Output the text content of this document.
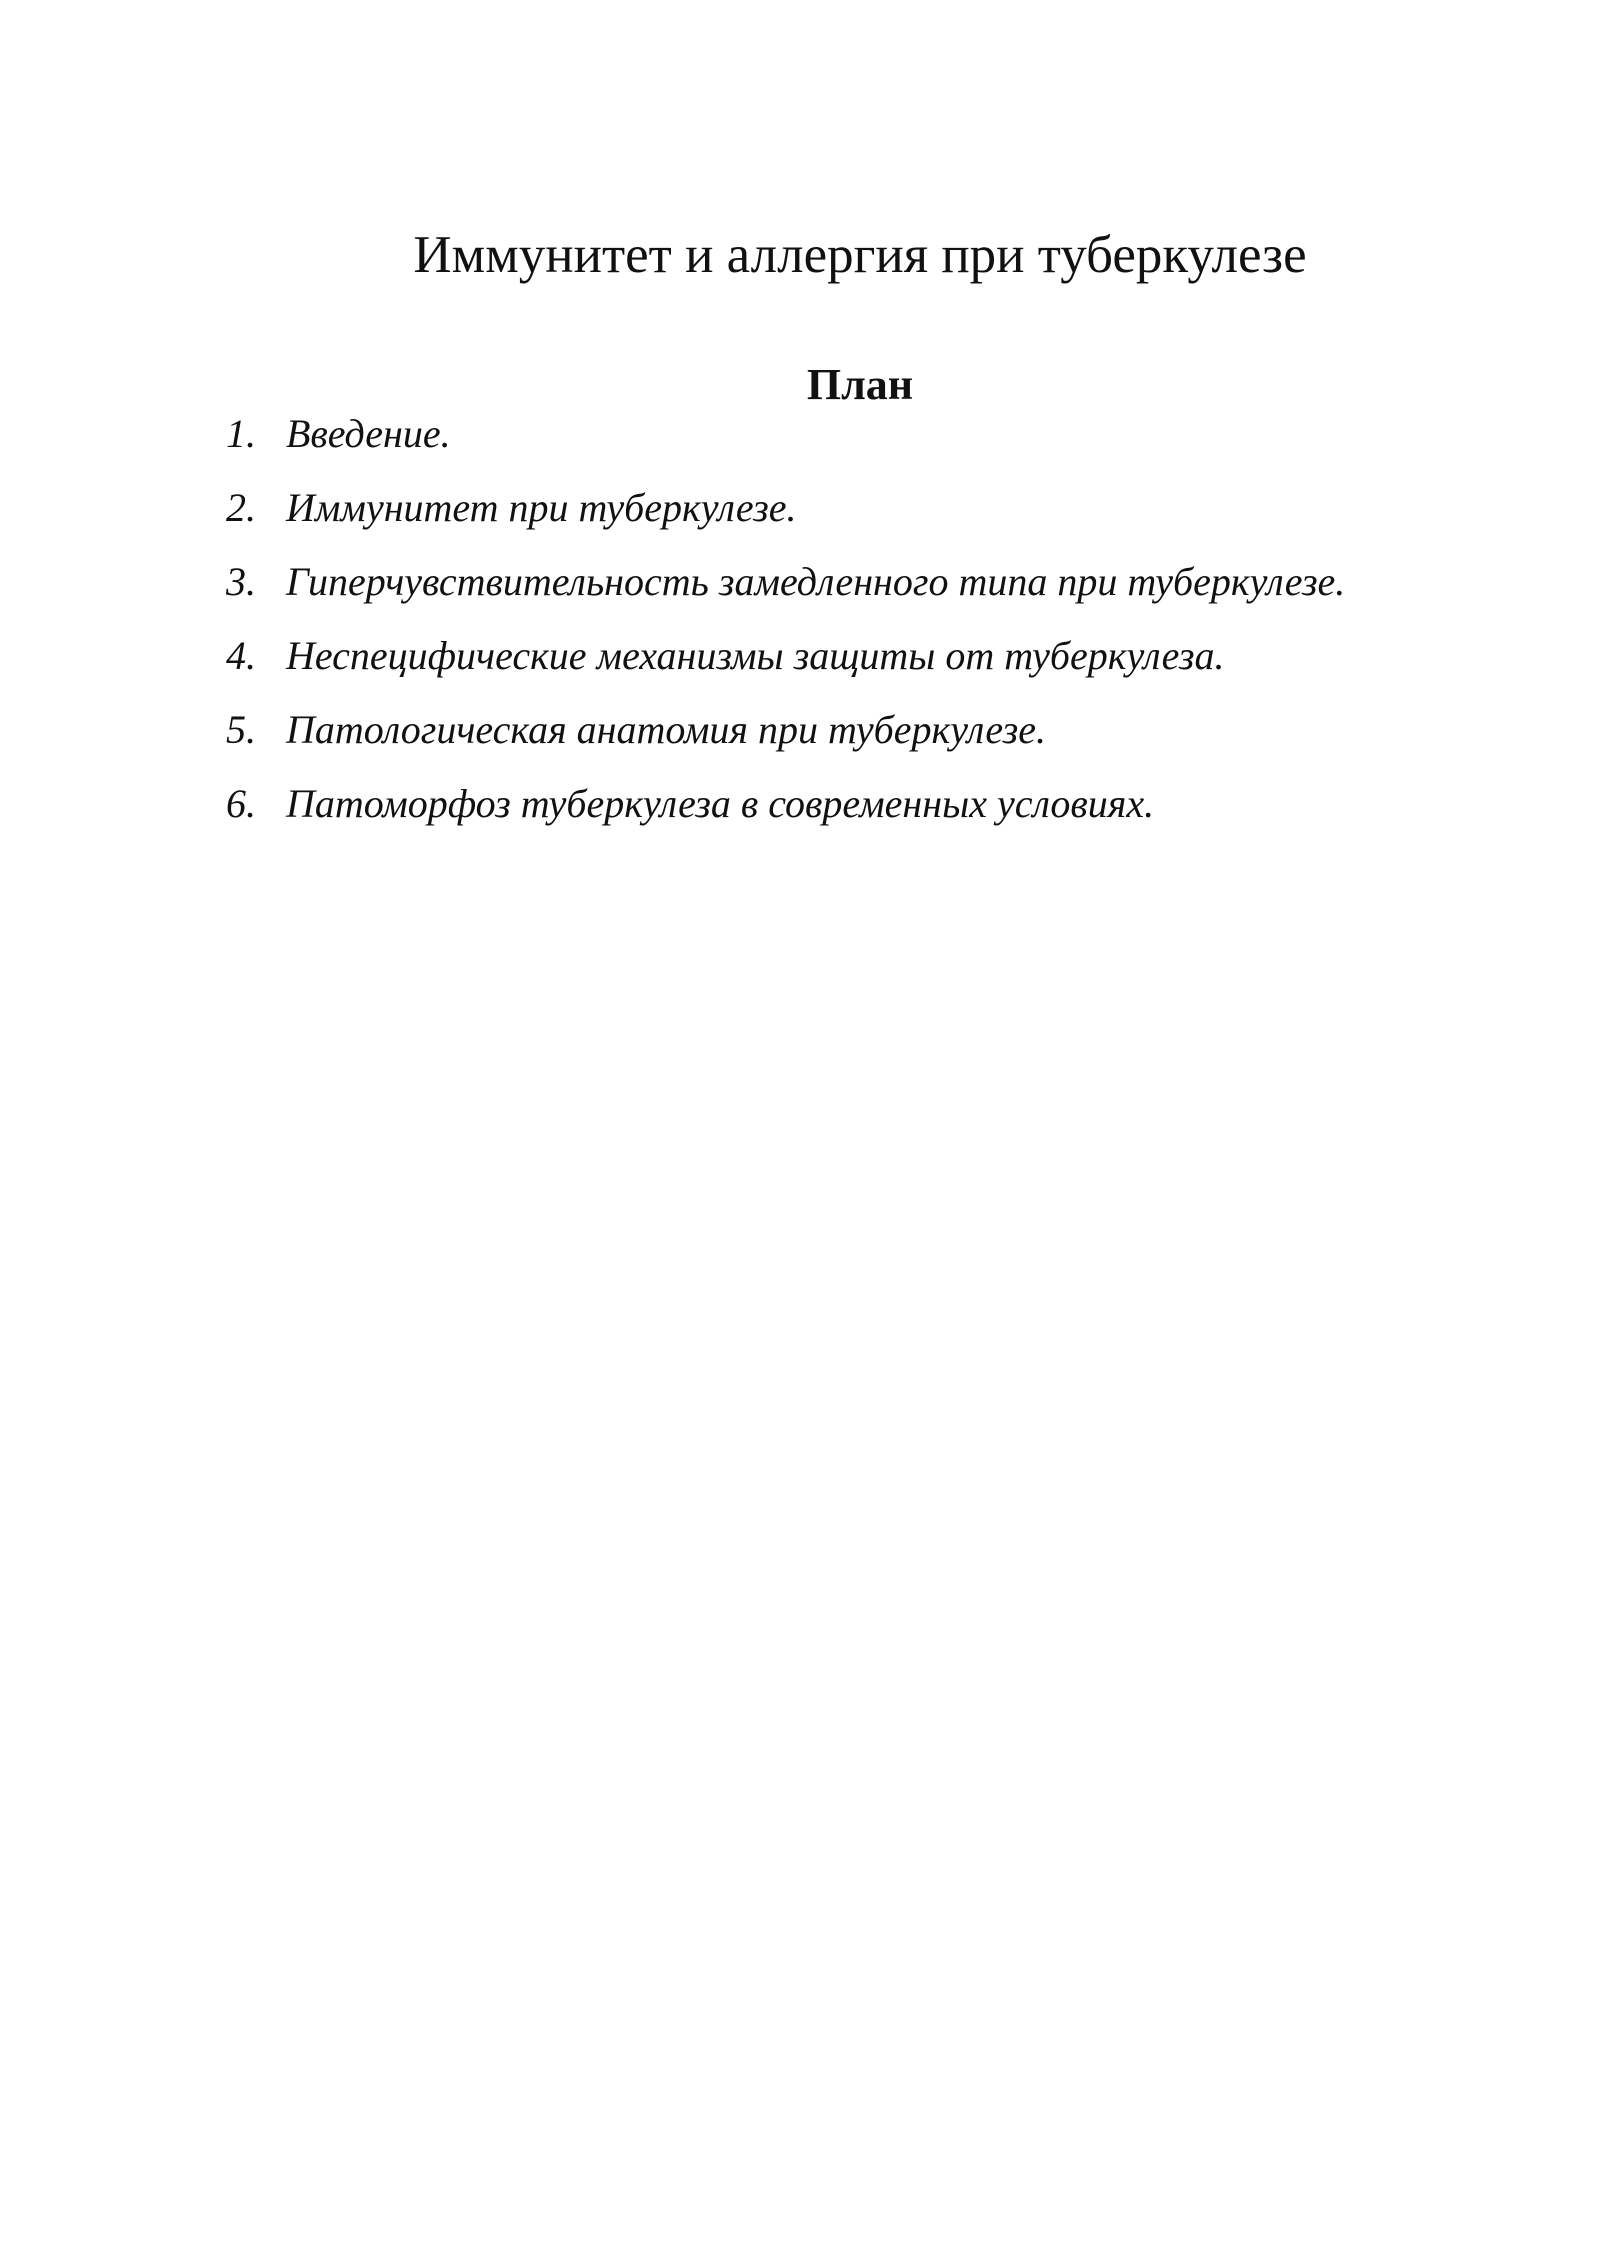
Иммунитет и аллергия при туберкулезе
План
1. Введение.
2. Иммунитет при туберкулезе.
3. Гиперчувствительность замедленного типа при туберкулезе.
4. Неспецифические механизмы защиты от туберкулеза.
5. Патологическая анатомия при туберкулезе.
6. Патоморфоз туберкулеза в современных условиях.
